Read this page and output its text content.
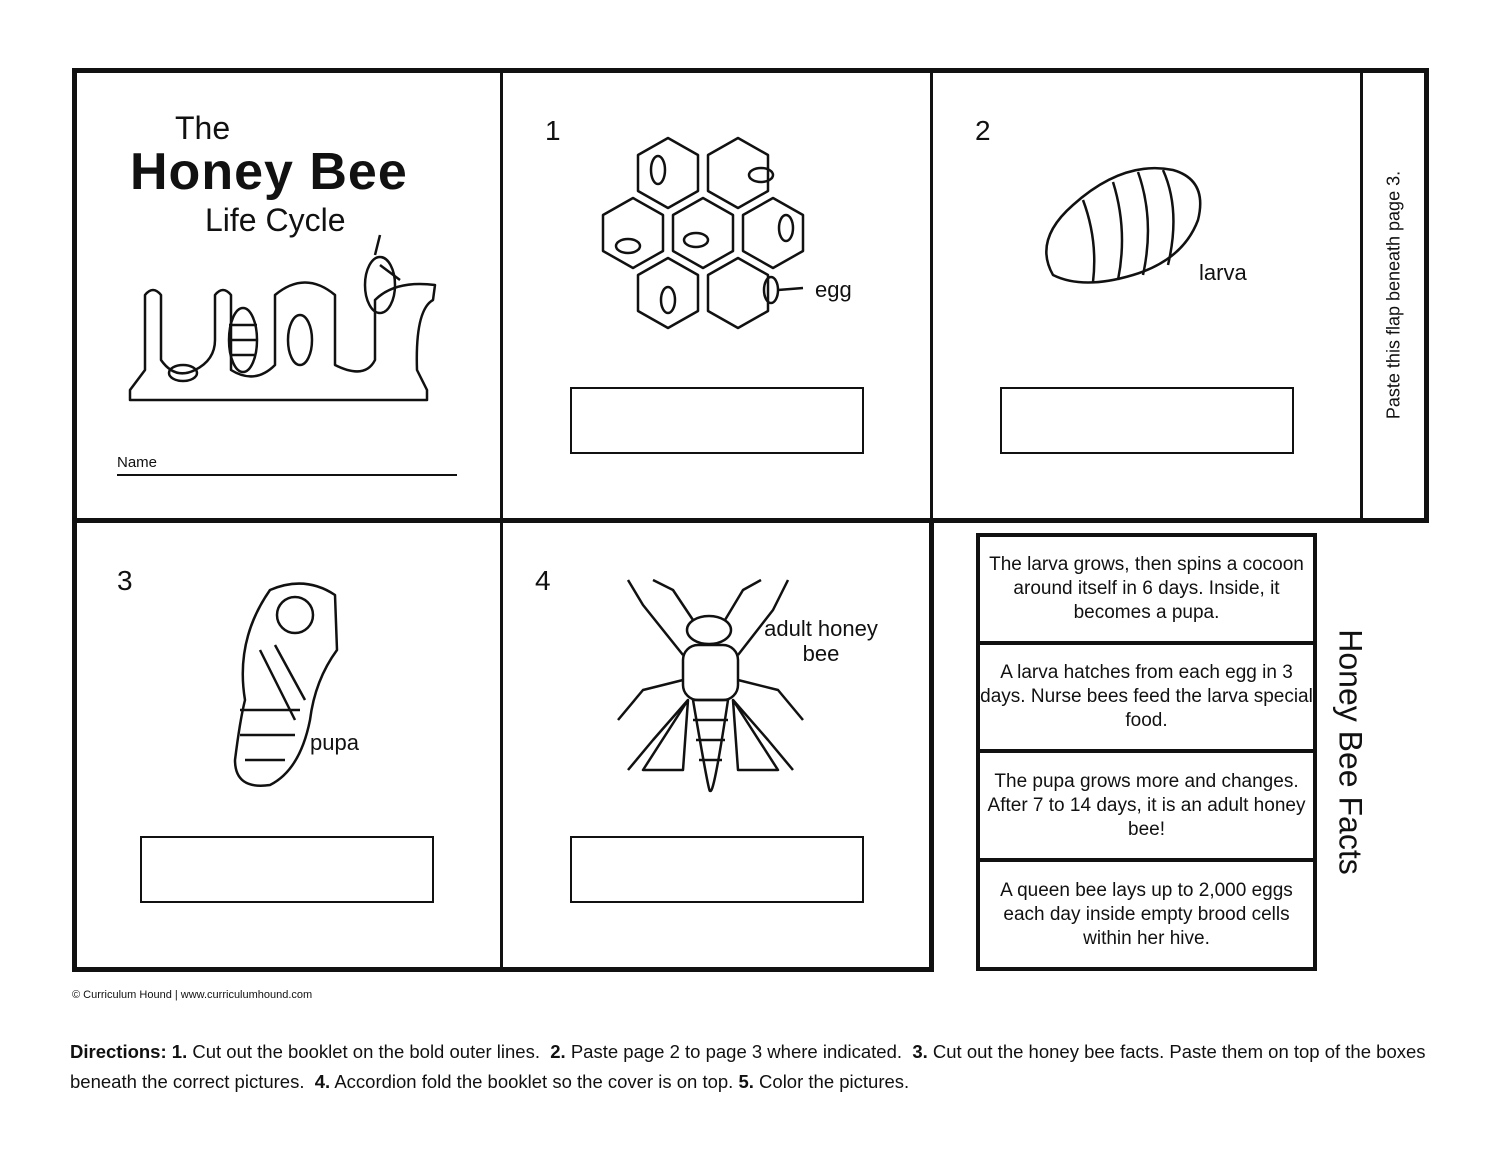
The
Honey Bee
Life Cycle
Name
1
egg
2
larva	Paste this flap beneath page 3.
3
pupa
4
adult honey bee
The larva grows, then spins a cocoon around itself in 6 days. Inside, it becomes a pupa.
A larva hatches from each egg in 3 days. Nurse bees feed the larva special food.
The pupa grows more and changes. After 7 to 14 days, it is an adult honey bee!
A queen bee lays up to 2,000 eggs each day inside empty brood cells within her hive.
Honey Bee Facts
© Curriculum Hound | www.curriculumhound.com
Directions: 1. Cut out the booklet on the bold outer lines. 2. Paste page 2 to page 3 where indicated. 3. Cut out the honey bee facts. Paste them on top of the boxes beneath the correct pictures. 4. Accordion fold the booklet so the cover is on top. 5. Color the pictures.
